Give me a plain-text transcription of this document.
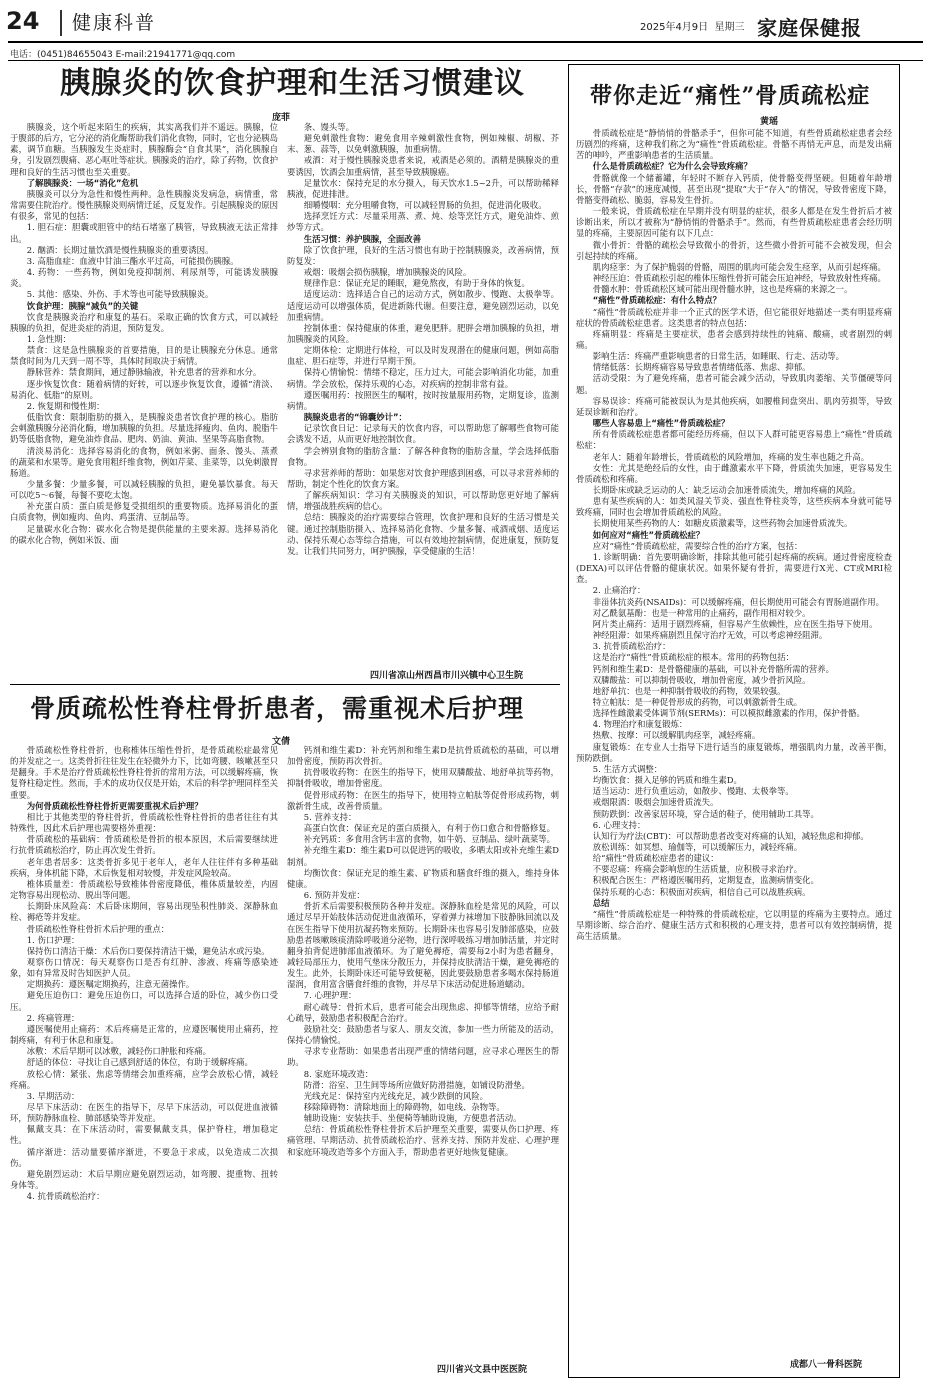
24 健康科普	2025年4月9日 星期三 家庭保健报
电话：(0451)84655043 E-mail:21941771@qq.com
胰腺炎的饮食护理和生活习惯建议
庞菲

胰腺炎，这个听起来陌生的疾病，其实离我们并不遥远。胰腺，位于腹部的后方，它分泌的消化酶帮助我们消化食物，同时，它也分泌胰岛素，调节血糖。当胰腺发生炎症时，胰腺酶会“自食其果”，消化胰腺自身，引发剧烈腹痛、恶心呕吐等症状。胰腺炎的治疗，除了药物，饮食护理和良好的生活习惯也至关重要。

了解胰腺炎：一场“消化”危机

胰腺炎可以分为急性和慢性两种。急性胰腺炎发病急，病情重，常常需要住院治疗。慢性胰腺炎则病情迁延，反复发作。引起胰腺炎的原因有很多，常见的包括：

1. 胆石症：胆囊或胆管中的结石堵塞了胰管，导致胰液无法正常排出。

2. 酗酒：长期过量饮酒是慢性胰腺炎的重要诱因。

3. 高脂血症：血液中甘油三酯水平过高，可能损伤胰腺。

4. 药物：一些药物，例如免疫抑制剂、利尿剂等，可能诱发胰腺炎。

5. 其他：感染、外伤、手术等也可能导致胰腺炎。

饮食护理：胰腺“减负”的关键

饮食是胰腺炎治疗和康复的基石。采取正确的饮食方式，可以减轻胰腺的负担，促进炎症的消退，预防复发。

1. 急性期：

禁食：这是急性胰腺炎的首要措施，目的是让胰腺充分休息。通常禁食时间为几天到一周不等，具体时间取决于病情。

静脉营养：禁食期间，通过静脉输液，补充患者的营养和水分。

逐步恢复饮食：随着病情的好转，可以逐步恢复饮食，遵循“清淡、易消化、低脂”的原则。

2. 恢复期和慢性期：

低脂饮食：限制脂肪的摄入，是胰腺炎患者饮食护理的核心。脂肪会刺激胰腺分泌消化酶，增加胰腺的负担。尽量选择瘦肉、鱼肉、脱脂牛奶等低脂食物，避免油炸食品、肥肉、奶油、黄油、坚果等高脂食物。

清淡易消化：选择容易消化的食物，例如米粥、面条、馒头、蒸煮的蔬菜和水果等。避免食用粗纤维食物，例如芹菜、韭菜等，以免刺激胃肠道。

少量多餐：少量多餐，可以减轻胰腺的负担，避免暴饮暴食。每天可以吃5～6餐，每餐不要吃太饱。

补充蛋白质：蛋白质是修复受损组织的重要物质。选择易消化的蛋白质食物，例如瘦肉、鱼肉、鸡蛋清、豆制品等。

足量碳水化合物：碳水化合物是提供能量的主要来源。选择易消化的碳水化合物，例如米饭、面

条、馒头等。

避免刺激性食物：避免食用辛辣刺激性食物，例如辣椒、胡椒、芥末、葱、蒜等，以免刺激胰腺，加重病情。

戒酒：对于慢性胰腺炎患者来说，戒酒是必须的。酒精是胰腺炎的重要诱因，饮酒会加重病情，甚至导致胰腺癌。

足量饮水：保持充足的水分摄入，每天饮水1.5~2升，可以帮助稀释胰液，促进排泄。

细嚼慢咽：充分咀嚼食物，可以减轻胃肠的负担，促进消化吸收。

选择烹饪方式：尽量采用蒸、煮、炖、烩等烹饪方式，避免油炸、煎炒等方式。

生活习惯：养护胰腺，全面改善

除了饮食护理，良好的生活习惯也有助于控制胰腺炎，改善病情，预防复发：

戒烟：吸烟会损伤胰腺，增加胰腺炎的风险。

规律作息：保证充足的睡眠，避免熬夜，有助于身体的恢复。

适度运动：选择适合自己的运动方式，例如散步、慢跑、太极拳等。适度运动可以增强体质，促进新陈代谢。但要注意，避免剧烈运动，以免加重病情。

控制体重：保持健康的体重，避免肥胖。肥胖会增加胰腺的负担，增加胰腺炎的风险。

定期体检：定期进行体检，可以及时发现潜在的健康问题，例如高脂血症、胆石症等，并进行早期干预。

保持心情愉悦：情绪不稳定，压力过大，可能会影响消化功能，加重病情。学会放松，保持乐观的心态，对疾病的控制非常有益。

遵医嘱用药：按照医生的嘱咐，按时按量服用药物，定期复诊，监测病情。

胰腺炎患者的“锦囊妙计”：

记录饮食日记：记录每天的饮食内容，可以帮助您了解哪些食物可能会诱发不适，从而更好地控制饮食。

学会辨别食物的脂肪含量：了解各种食物的脂肪含量，学会选择低脂食物。

寻求营养师的帮助：如果您对饮食护理感到困惑，可以寻求营养师的帮助，制定个性化的饮食方案。

了解疾病知识：学习有关胰腺炎的知识，可以帮助您更好地了解病情，增强战胜疾病的信心。

总结：胰腺炎的治疗需要综合管理，饮食护理和良好的生活习惯是关键。通过控制脂肪摄入、选择易消化食物、少量多餐、戒酒戒烟、适度运动、保持乐观心态等综合措施，可以有效地控制病情，促进康复，预防复发。让我们共同努力，呵护胰腺，享受健康的生活！

四川省凉山州西昌市川兴镇中心卫生院
骨质疏松性脊柱骨折患者，需重视术后护理
文倩

骨质疏松性脊柱骨折，也称椎体压缩性骨折，是骨质疏松症最常见的并发症之一。这类骨折往往发生在轻微外力下，比如弯腰、咳嗽甚至只是翻身。手术是治疗骨质疏松性脊柱骨折的常用方法，可以缓解疼痛，恢复脊柱稳定性。然而，手术的成功仅仅是开始，术后的科学护理同样至关重要。

为何骨质疏松性脊柱骨折更需要重视术后护理？

相比于其他类型的脊柱骨折，骨质疏松性脊柱骨折的患者往往有其特殊性，因此术后护理也需要格外重视：

骨质疏松的基础病：骨质疏松是骨折的根本原因，术后需要继续进行抗骨质疏松治疗，防止再次发生骨折。

老年患者居多：这类骨折多见于老年人，老年人往往伴有多种基础疾病，身体机能下降，术后恢复相对较慢，并发症风险较高。

椎体质量差：骨质疏松导致椎体骨密度降低，椎体质量较差，内固定物容易出现松动、脱出等问题。

长期卧床风险高：术后卧床期间，容易出现坠积性肺炎、深静脉血栓、褥疮等并发症。

骨质疏松性脊柱骨折术后护理的重点：

1. 伤口护理：

保持伤口清洁干燥：术后伤口要保持清洁干燥，避免沾水或污染。

观察伤口情况：每天观察伤口是否有红肿、渗液、疼痛等感染迹象，如有异常及时告知医护人员。

定期换药：遵医嘱定期换药，注意无菌操作。

避免压迫伤口：避免压迫伤口，可以选择合适的卧位，减少伤口受压。

2. 疼痛管理：

遵医嘱使用止痛药：术后疼痛是正常的，应遵医嘱使用止痛药，控制疼痛，有利于休息和康复。

冰敷：术后早期可以冰敷，减轻伤口肿胀和疼痛。

舒适的体位：寻找让自己感到舒适的体位，有助于缓解疼痛。

放松心情：紧张、焦虑等情绪会加重疼痛，应学会放松心情，减轻疼痛。

3. 早期活动：

尽早下床活动：在医生的指导下，尽早下床活动，可以促进血液循环，预防静脉血栓、肺部感染等并发症。

佩戴支具：在下床活动时，需要佩戴支具，保护脊柱，增加稳定性。

循序渐进：活动量要循序渐进，不要急于求成，以免造成二次损伤。

避免剧烈运动：术后早期应避免剧烈运动，如弯腰、提重物、扭转身体等。

4. 抗骨质疏松治疗：

钙剂和维生素D：补充钙剂和维生素D是抗骨质疏松的基础，可以增加骨密度，预防再次骨折。

抗骨吸收药物：在医生的指导下，使用双膦酸盐、地舒单抗等药物，抑制骨吸收，增加骨密度。

促骨形成药物：在医生的指导下，使用特立帕肽等促骨形成药物，刺激新骨生成，改善骨质量。

5. 营养支持：

高蛋白饮食：保证充足的蛋白质摄入，有利于伤口愈合和骨骼修复。

补充钙质：多食用含钙丰富的食物，如牛奶、豆制品、绿叶蔬菜等。

补充维生素D：维生素D可以促进钙的吸收，多晒太阳或补充维生素D制剂。

均衡饮食：保证充足的维生素、矿物质和膳食纤维的摄入，维持身体健康。

6. 预防并发症：

骨折术后需要积极预防各种并发症。深静脉血栓是常见的风险，可以通过尽早开始肢体活动促进血液循环，穿着弹力袜增加下肢静脉回流以及在医生指导下使用抗凝药物来预防。长期卧床也容易引发肺部感染，应鼓励患者咳嗽咳痰清除呼吸道分泌物，进行深呼吸练习增加肺活量，并定时翻身拍背促进肺部血液循环。为了避免褥疮，需要每2小时为患者翻身，减轻局部压力，使用气垫床分散压力，并保持皮肤清洁干燥，避免褥疮的发生。此外，长期卧床还可能导致便秘，因此要鼓励患者多喝水保持肠道湿润，食用富含膳食纤维的食物，并尽早下床活动促进肠道蠕动。

7. 心理护理：

耐心疏导：骨折术后，患者可能会出现焦虑、抑郁等情绪，应给予耐心疏导，鼓励患者积极配合治疗。

鼓励社交：鼓励患者与家人、朋友交流，参加一些力所能及的活动，保持心情愉悦。

寻求专业帮助：如果患者出现严重的情绪问题，应寻求心理医生的帮助。

8. 家庭环境改造：

防滑：浴室、卫生间等场所应做好防滑措施，如铺设防滑垫。

光线充足：保持室内光线充足，减少跌倒的风险。

移除障碍物：清除地面上的障碍物，如电线、杂物等。

辅助设施：安装扶手、坐便椅等辅助设施，方便患者活动。

总结：骨质疏松性脊柱骨折术后护理至关重要，需要从伤口护理、疼痛管理、早期活动、抗骨质疏松治疗、营养支持、预防并发症、心理护理和家庭环境改造等多个方面入手，帮助患者更好地恢复健康。

四川省兴文县中医医院
带你走近“痛性”骨质疏松症
黄瑶

骨质疏松症是“静悄悄的骨骼杀手”，但你可能不知道，有些骨质疏松症患者会经历剧烈的疼痛，这种我们称之为“痛性”骨质疏松症。骨骼不再悄无声息，而是发出痛苦的呻吟，严重影响患者的生活质量。

什么是骨质疏松症？它为什么会导致疼痛？

骨骼就像一个储蓄罐，年轻时不断存入钙质，使骨骼变得坚硬。但随着年龄增长，骨骼“存款”的速度减慢，甚至出现“提取”大于“存入”的情况，导致骨密度下降，骨骼变得疏松、脆弱，容易发生骨折。

一般来说，骨质疏松症在早期并没有明显的症状，很多人都是在发生骨折后才被诊断出来，所以才被称为“静悄悄的骨骼杀手”。然而，有些骨质疏松症患者会经历明显的疼痛，主要原因可能有以下几点：

微小骨折：骨骼的疏松会导致微小的骨折，这些微小骨折可能不会被发现，但会引起持续的疼痛。

肌肉痉挛：为了保护脆弱的骨骼，周围的肌肉可能会发生痉挛，从而引起疼痛。

神经压迫：骨质疏松引起的椎体压缩性骨折可能会压迫神经，导致放射性疼痛。

骨髓水肿：骨质疏松区域可能出现骨髓水肿，这也是疼痛的来源之一。

“痛性”骨质疏松症：有什么特点？

“痛性”骨质疏松症并非一个正式的医学术语，但它能很好地描述一类有明显疼痛症状的骨质疏松症患者。这类患者的特点包括：

疼痛明显：疼痛是主要症状，患者会感到持续性的钝痛、酸痛，或者剧烈的刺痛。

影响生活：疼痛严重影响患者的日常生活，如睡眠、行走、活动等。

情绪低落：长期疼痛容易导致患者情绪低落、焦虑、抑郁。

活动受限：为了避免疼痛，患者可能会减少活动，导致肌肉萎缩、关节僵硬等问题。

容易误诊：疼痛可能被误认为是其他疾病，如腰椎间盘突出、肌肉劳损等，导致延误诊断和治疗。

哪些人容易患上“痛性”骨质疏松症？

所有骨质疏松症患者都可能经历疼痛，但以下人群可能更容易患上“痛性”骨质疏松症：

老年人：随着年龄增长，骨质疏松的风险增加，疼痛的发生率也随之升高。

女性：尤其是绝经后的女性，由于雌激素水平下降，骨质流失加速，更容易发生骨质疏松和疼痛。

长期卧床或缺乏运动的人：缺乏运动会加速骨质流失，增加疼痛的风险。

患有某些疾病的人：如类风湿关节炎、强直性脊柱炎等，这些疾病本身就可能导致疼痛，同时也会增加骨质疏松的风险。

长期使用某些药物的人：如糖皮质激素等，这些药物会加速骨质流失。

如何应对“痛性”骨质疏松症？

应对“痛性”骨质疏松症，需要综合性的治疗方案，包括：

1. 诊断明确：首先要明确诊断，排除其他可能引起疼痛的疾病。通过骨密度检查(DEXA)可以评估骨骼的健康状况。如果怀疑有骨折，需要进行X光、CT或MRI检查。

2. 止痛治疗：

非甾体抗炎药(NSAIDs)：可以缓解疼痛，但长期使用可能会有胃肠道副作用。

对乙酰氨基酚：也是一种常用的止痛药，副作用相对较少。

阿片类止痛药：适用于剧烈疼痛，但容易产生依赖性，应在医生指导下使用。

神经阻滞：如果疼痛剧烈且保守治疗无效，可以考虑神经阻滞。

3. 抗骨质疏松治疗：

这是治疗“痛性”骨质疏松症的根本。常用的药物包括：

钙剂和维生素D：是骨骼健康的基础，可以补充骨骼所需的营养。

双膦酸盐：可以抑制骨吸收，增加骨密度，减少骨折风险。

地舒单抗：也是一种抑制骨吸收的药物，效果较强。

特立帕肽：是一种促骨形成的药物，可以刺激新骨生成。

选择性雌激素受体调节剂(SERMs)：可以模拟雌激素的作用，保护骨骼。

4. 物理治疗和康复锻炼：

热敷、按摩：可以缓解肌肉痉挛，减轻疼痛。

康复锻炼：在专业人士指导下进行适当的康复锻炼，增强肌肉力量，改善平衡，预防跌倒。

5. 生活方式调整：

均衡饮食：摄入足够的钙质和维生素D。

适当运动：进行负重运动，如散步、慢跑、太极拳等。

戒烟限酒：吸烟会加速骨质流失。

预防跌倒：改善家居环境，穿合适的鞋子，使用辅助工具等。

6. 心理支持：

认知行为疗法(CBT)：可以帮助患者改变对疼痛的认知，减轻焦虑和抑郁。

放松训练：如冥想、瑜伽等，可以缓解压力，减轻疼痛。

给“痛性”骨质疏松症患者的建议：

不要忍痛：疼痛会影响您的生活质量，应积极寻求治疗。

积极配合医生：严格遵医嘱用药，定期复查，监测病情变化。

保持乐观的心态：积极面对疾病，相信自己可以战胜疾病。

总结

“痛性”骨质疏松症是一种特殊的骨质疏松症，它以明显的疼痛为主要特点。通过早期诊断、综合治疗、健康生活方式和积极的心理支持，患者可以有效控制病情，提高生活质量。

成都八一骨科医院
